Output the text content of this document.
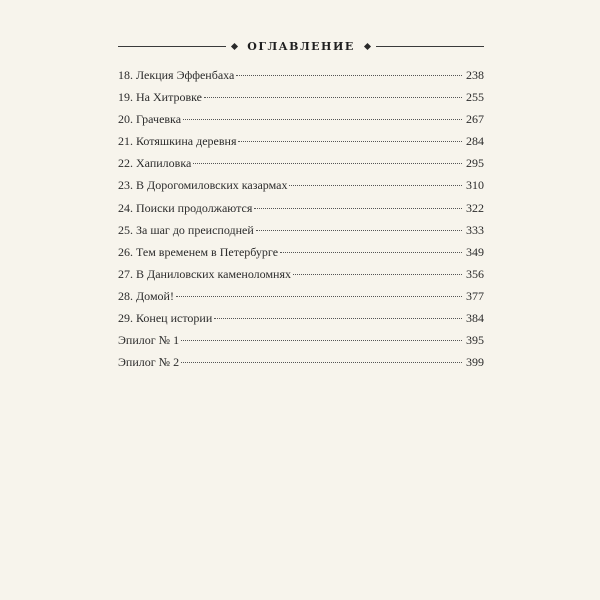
ОГЛАВЛЕНИЕ
18. Лекция Эффенбаха	238
19. На Хитровке	255
20. Грачевка	267
21. Котяшкина деревня	284
22. Хапиловка	295
23. В Дорогомиловских казармах	310
24. Поиски продолжаются	322
25. За шаг до преисподней	333
26. Тем временем в Петербурге	349
27. В Даниловских каменоломнях	356
28. Домой!	377
29. Конец истории	384
Эпилог № 1	395
Эпилог № 2	399
